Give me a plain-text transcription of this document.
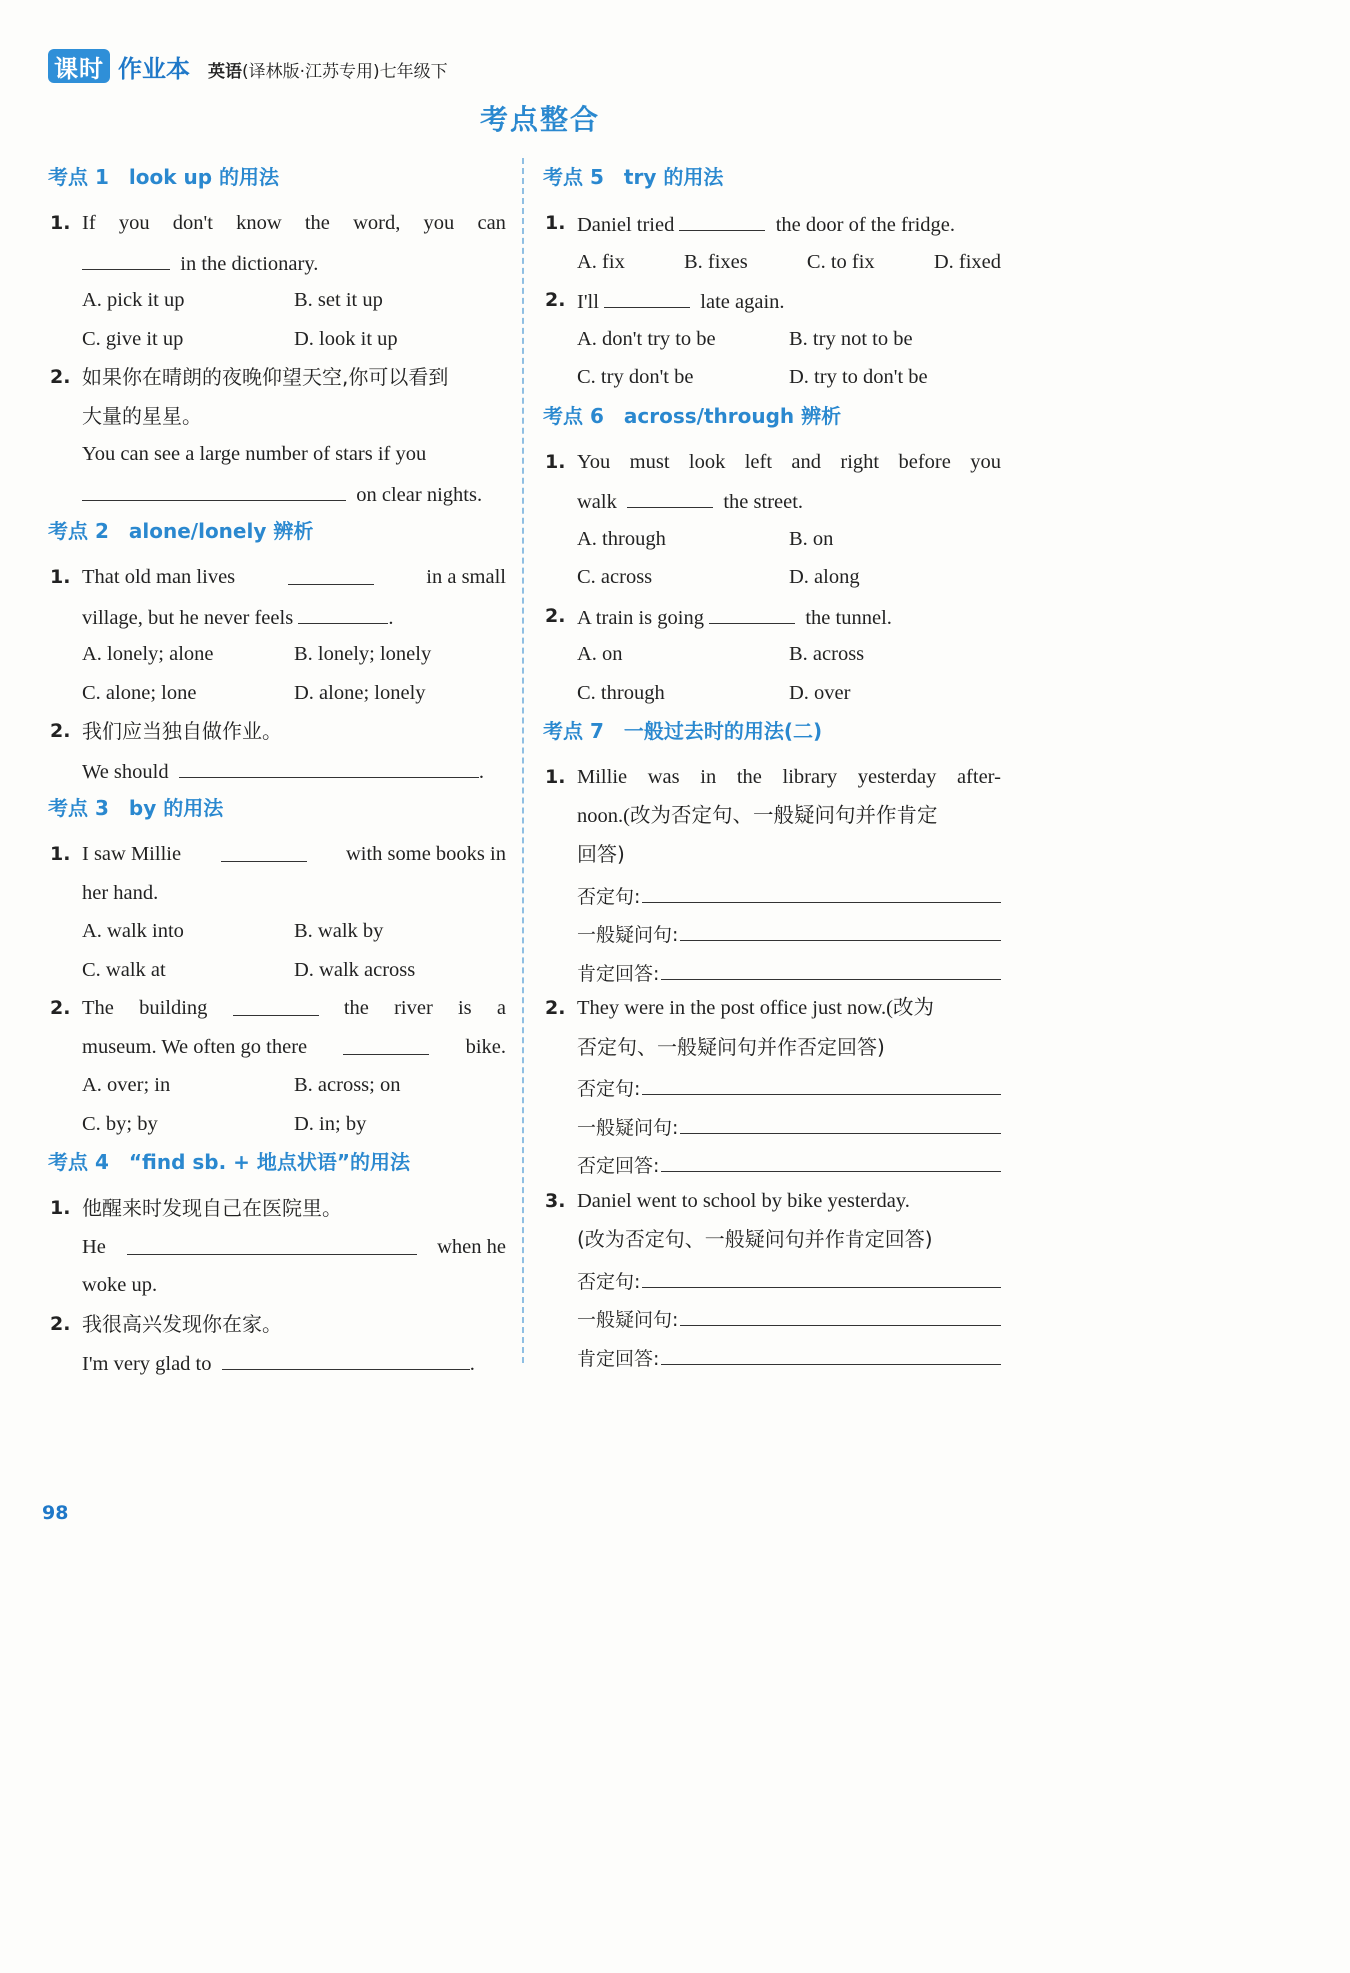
课时 作业本 英语(译林版·江苏专用)七年级下
考点整合
考点 1 look up 的用法
1. If you don't know the word, you can
in the dictionary.
A. pick it up	B. set it up
C. give it up	D. look it up
2. 如果你在晴朗的夜晚仰望天空,你可以看到
大量的星星。
You can see a large number of stars if you
on clear nights.
考点 2 alone/lonely 辨析
1. That old man lives	in a small
village, but he never feels	.
A. lonely; alone	B. lonely; lonely
C. alone; lone	D. alone; lonely
2. 我们应当独自做作业。
We should	.
考点 3 by 的用法
1. I saw Millie	with some books in
her hand.
A. walk into	B. walk by
C. walk at	D. walk across
2. The building	the river is a
museum. We often go there	bike.
A. over; in	B. across; on
C. by; by	D. in; by
考点 4 “find sb. + 地点状语”的用法
1. 他醒来时发现自己在医院里。
He	when he
woke up.
2. 我很高兴发现你在家。
I'm very glad to	.
考点 5 try 的用法
1. Daniel tried	the door of the fridge.
A. fix	B. fixes	C. to fix	D. fixed
2. I'll	late again.
A. don't try to be	B. try not to be
C. try don't be	D. try to don't be
考点 6 across/through 辨析
1. You must look left and right before you
walk	the street.
A. through	B. on
C. across	D. along
2. A train is going	the tunnel.
A. on	B. across
C. through	D. over
考点 7 一般过去时的用法(二)
1. Millie was in the library yesterday after-
noon.(改为否定句、一般疑问句并作肯定
回答)
否定句:
一般疑问句:
肯定回答:
2. They were in the post office just now.(改为
否定句、一般疑问句并作否定回答)
否定句:
一般疑问句:
否定回答:
3. Daniel went to school by bike yesterday.
(改为否定句、一般疑问句并作肯定回答)
否定句:
一般疑问句:
肯定回答:
98
